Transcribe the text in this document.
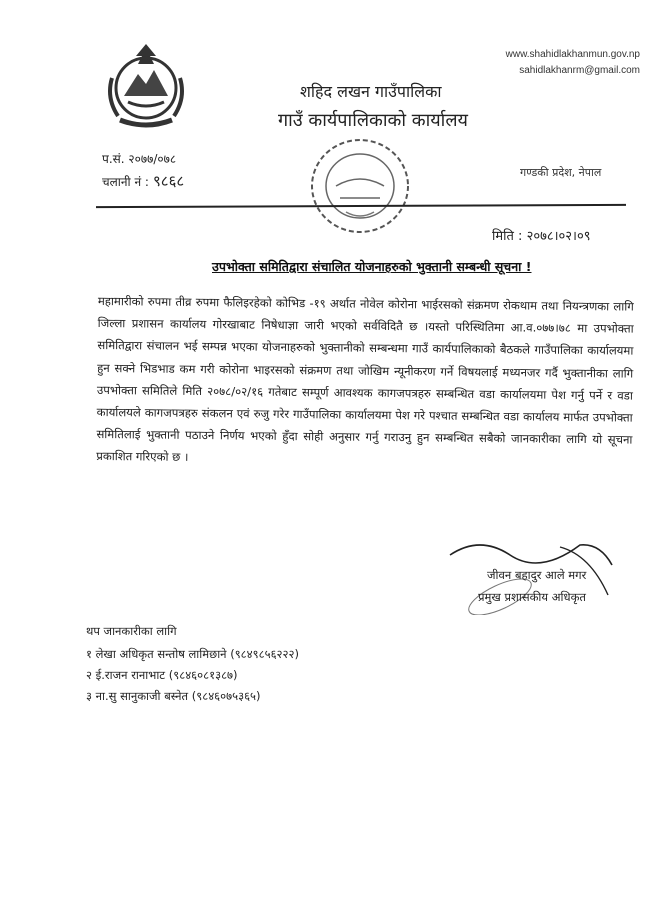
www.shahidlakhanmun.gov.np
sahidlakhanrm@gmail.com
शहिद लखन गाउँपालिका
गाउँ कार्यपालिकाको कार्यालय
प.सं. २०७७/०७८
चलानी नं : ९८६८	गण्डकी प्रदेश, नेपाल
मिति : २०७८।०२।०९
उपभोक्ता समितिद्वारा संचालित योजनाहरुको भुक्तानी सम्बन्धी सूचना !
महामारीको रुपमा तीव्र रुपमा फैलिइरहेको कोभिड -१९ अर्थात नोवेल कोरोना भाईरसको संक्रमण रोकथाम तथा नियन्त्रणका लागि जिल्ला प्रशासन कार्यालय गोरखाबाट निषेधाज्ञा जारी भएको सर्वविदितै छ ।यस्तो परिस्थितिमा आ.व.०७७।७८ मा उपभोक्ता समितिद्वारा संचालन भई सम्पन्न भएका योजनाहरुको भुक्तानीको सम्बन्धमा गाउँ कार्यपालिकाको बैठकले गाउँपालिका कार्यालयमा हुन सक्ने भिडभाड कम गरी कोरोना भाइरसको संक्रमण तथा जोखिम न्यूनीकरण गर्ने विषयलाई मध्यनजर गर्दै भुक्तानीका लागि उपभोक्ता समितिले मिति २०७८/०२/१६ गतेबाट सम्पूर्ण आवश्यक कागजपत्रहरु सम्बन्धित वडा कार्यालयमा पेश गर्नु पर्ने र वडा कार्यालयले कागजपत्रहरु संकलन एवं रुजु गरेर गाउँपालिका कार्यालयमा पेश गरे पश्चात सम्बन्धित वडा कार्यालय मार्फत उपभोक्ता समितिलाई भुक्तानी पठाउने निर्णय भएको हुँदा सोही अनुसार गर्नु गराउनु हुन सम्बन्धित सबैको जानकारीका लागि यो सूचना प्रकाशित गरिएको छ ।
जीवन बहादुर आले मगर
प्रमुख प्रशासकीय अधिकृत
थप जानकारीका लागि
१ लेखा अधिकृत सन्तोष लामिछाने (९८४९८५६२२२)
२ ई.राजन रानाभाट (९८४६०८१३८७)
३ ना.सु सानुकाजी बस्नेत (९८४६०७५३६५)
